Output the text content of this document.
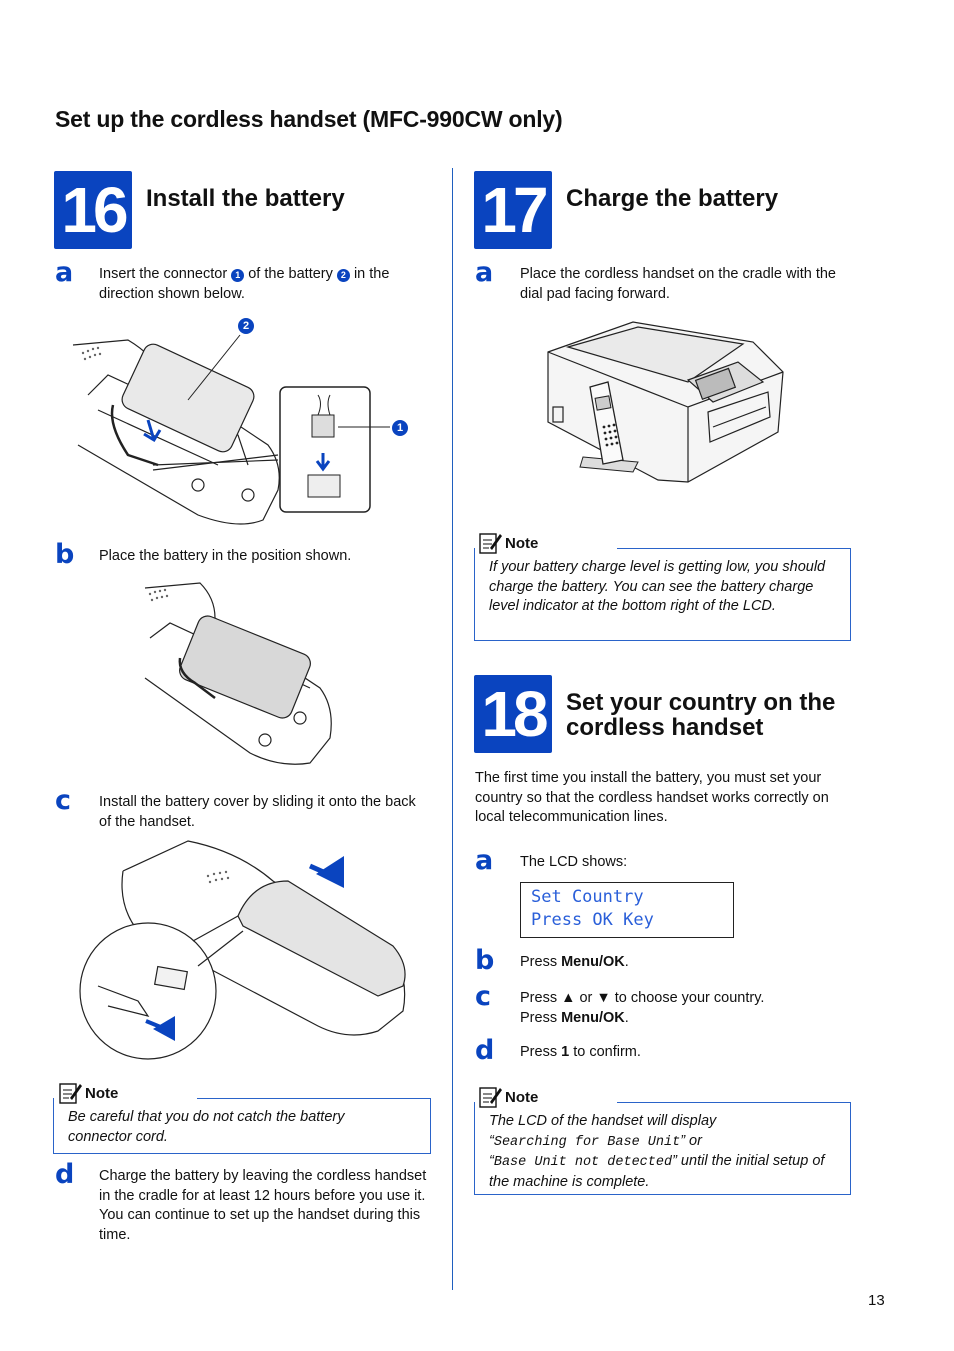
Set up the cordless handset (MFC-990CW only)
16 Install the battery
a Insert the connector 1 of the battery 2 in the direction shown below.
2
1
b Place the battery in the position shown.
c Install the battery cover by sliding it onto the back of the handset.
Note
Be careful that you do not catch the battery connector cord.
d Charge the battery by leaving the cordless handset in the cradle for at least 12 hours before you use it.
You can continue to set up the handset during this time.
17 Charge the battery
a Place the cordless handset on the cradle with the dial pad facing forward.
Note
If your battery charge level is getting low, you should charge the battery. You can see the battery charge level indicator at the bottom right of the LCD.
18 Set your country on the
cordless handset
The first time you install the battery, you must set your country so that the cordless handset works correctly on local telecommunication lines.
a The LCD shows:
Set Country
Press OK Key
b Press Menu/OK.
c Press ▲ or ▼ to choose your country.
Press Menu/OK.
d Press 1 to confirm.
Note
The LCD of the handset will display
“Searching for Base Unit” or
“Base Unit not detected” until the initial setup of the machine is complete.
13
